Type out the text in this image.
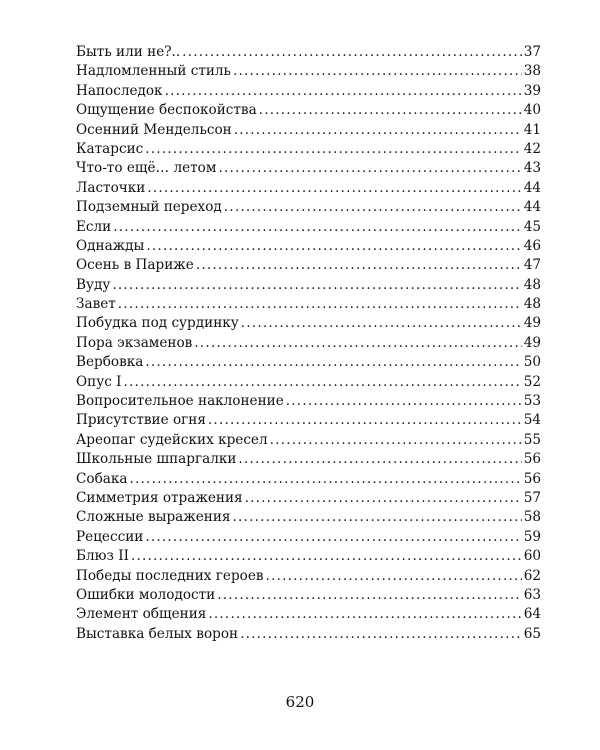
Быть или не?.. .....	37
Надломленный стиль .....	38
Напоследок .....	39
Ощущение беспокойства .....	40
Осенний Мендельсон .....	41
Катарсис .....	42
Что-то ещё… летом .....	43
Ласточки .....	44
Подземный переход .....	44
Если .....	45
Однажды .....	46
Осень в Париже .....	47
Вуду .....	48
Завет .....	48
Побудка под сурдинку .....	49
Пора экзаменов .....	49
Вербовка .....	50
Опус I .....	52
Вопросительное наклонение .....	53
Присутствие огня .....	54
Ареопаг судейских кресел .....	55
Школьные шпаргалки .....	56
Собака .....	56
Симметрия отражения .....	57
Сложные выражения .....	58
Рецессии .....	59
Блюз II .....	60
Победы последних героев .....	62
Ошибки молодости .....	63
Элемент общения .....	64
Выставка белых ворон .....	65
620
